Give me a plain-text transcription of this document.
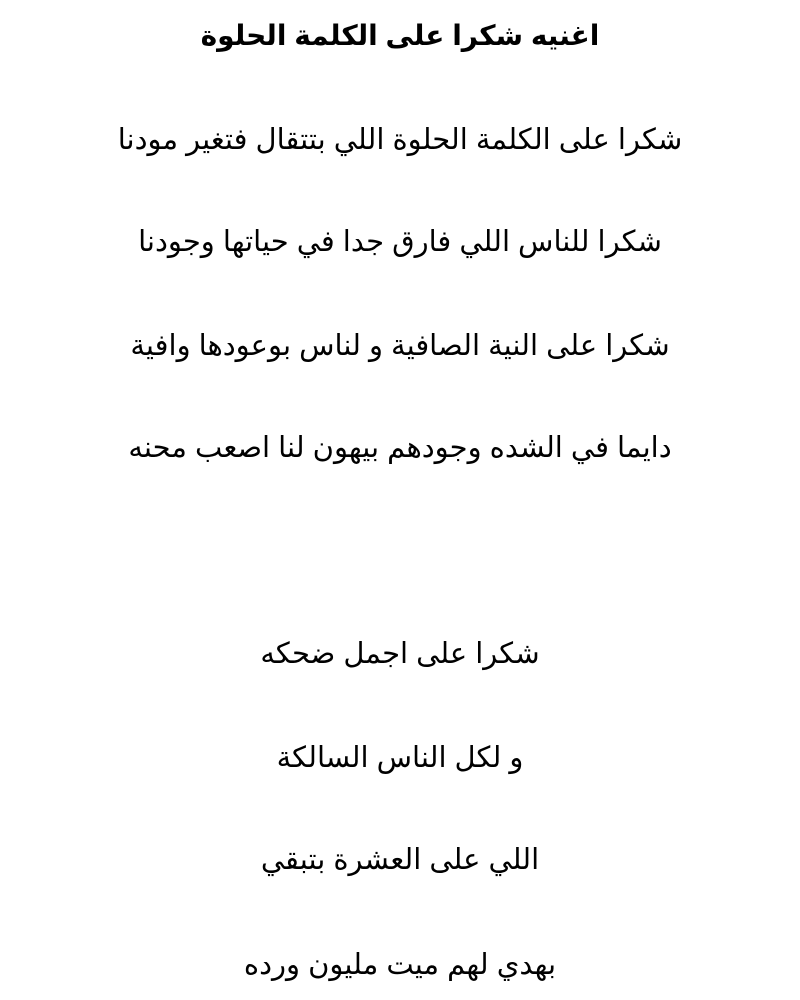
اغنيه شكرا على الكلمة الحلوة

شكرا على الكلمة الحلوة اللي بتتقال فتغير مودنا

شكرا للناس اللي فارق جدا في حياتها وجودنا

شكرا على النية الصافية و لناس بوعودها وافية

دايما في الشده وجودهم بيهون لنا اصعب محنه

شكرا على اجمل ضحكه

و لكل الناس السالكة

اللي على العشرة بتبقي

بهدي لهم ميت مليون ورده
